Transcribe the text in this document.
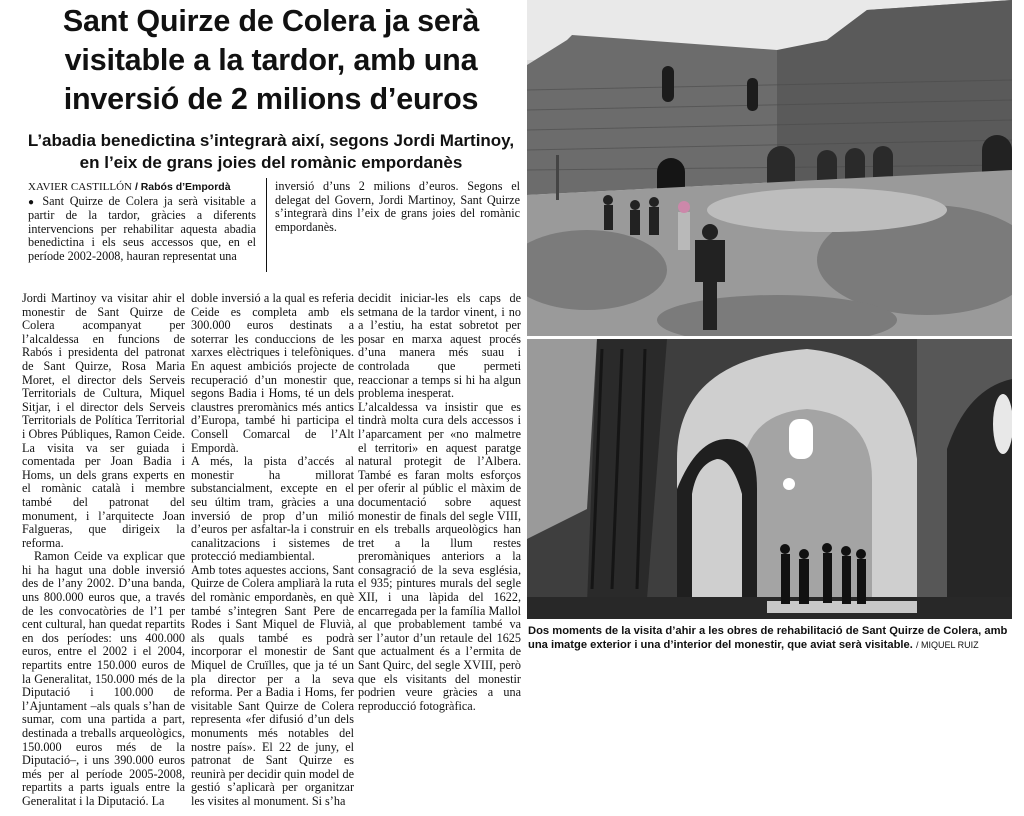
Sant Quirze de Colera ja serà visitable a la tardor, amb una inversió de 2 milions d’euros
L’abadia benedictina s’integrarà així, segons Jordi Martinoy, en l’eix de grans joies del romànic empordanès

XAVIER CASTILLÓN / Rabós d’Empordà

● Sant Quirze de Colera ja serà visitable a partir de la tardor, gràcies a diferents intervencions per rehabilitar aquesta abadia benedictina i els seus accessos que, en el període 2002-2008, hauran representat una

inversió d’uns 2 milions d’euros. Segons el delegat del Govern, Jordi Martinoy, Sant Quirze s’integrarà dins l’eix de grans joies del romànic empordanès.

Jordi Martinoy va visitar ahir el monestir de Sant Quirze de Colera acompanyat per l’alcaldessa en funcions de Rabós i presidenta del patronat de Sant Quirze, Rosa Maria Moret, el director dels Serveis Territorials de Cultura, Miquel Sitjar, i el director dels Serveis Territorials de Política Territorial i Obres Públiques, Ramon Ceide. La visita va ser guiada i comentada per Joan Badia i Homs, un dels grans experts en el romànic català i membre també del patronat del monument, i l’arquitecte Joan Falgueras, que dirigeix la reforma.

Ramon Ceide va explicar que hi ha hagut una doble inversió des de l’any 2002. D’una banda, uns 800.000 euros que, a través de les convocatòries de l’1 per cent cultural, han quedat repartits en dos períodes: uns 400.000 euros, entre el 2002 i el 2004, repartits entre 150.000 euros de la Generalitat, 150.000 més de la Diputació i 100.000 de l’Ajuntament –als quals s’han de sumar, com una partida a part, destinada a treballs arqueològics, 150.000 euros més de la Diputació–, i uns 390.000 euros més per al període 2005-2008, repartits a parts iguals entre la Generalitat i la Diputació. La

doble inversió a la qual es referia Ceide es completa amb els 300.000 euros destinats a soterrar les conduccions de les xarxes elèctriques i telefòniques. En aquest ambiciós projecte de recuperació d’un monestir que, segons Badia i Homs, té un dels claustres preromànics més antics d’Europa, també hi participa el Consell Comarcal de l’Alt Empordà.

A més, la pista d’accés al monestir ha millorat substancialment, excepte en el seu últim tram, gràcies a una inversió de prop d’un milió d’euros per asfaltar-la i construir canalitzacions i sistemes de protecció mediambiental.

Amb totes aquestes accions, Sant Quirze de Colera ampliarà la ruta del romànic empordanès, en què també s’integren Sant Pere de Rodes i Sant Miquel de Fluvià, als quals també es podrà incorporar el monestir de Sant Miquel de Cruïlles, que ja té un pla director per a la seva reforma. Per a Badia i Homs, fer visitable Sant Quirze de Colera representa «fer difusió d’un dels monuments més notables del nostre país». El 22 de juny, el patronat de Sant Quirze es reunirà per decidir quin model de gestió s’aplicarà per organitzar les visites al monument. Si s’ha

decidit iniciar-les els caps de setmana de la tardor vinent, i no a l’estiu, ha estat sobretot per posar en marxa aquest procés d’una manera més suau i controlada que permeti reaccionar a temps si hi ha algun problema inesperat.

L’alcaldessa va insistir que es tindrà molta cura dels accessos i l’aparcament per «no malmetre el territori» en aquest paratge natural protegit de l’Albera. També es faran molts esforços per oferir al públic el màxim de documentació sobre aquest monestir de finals del segle VIII, en els treballs arqueològics han tret a la llum restes preromàniques anteriors a la consagració de la seva església, el 935; pintures murals del segle XII, i una làpida del 1622, encarregada per la família Mallol al que probablement també va ser l’autor d’un retaule del 1625 que actualment és a l’ermita de Sant Quirc, del segle XVIII, però que els visitants del monestir podrien veure gràcies a una reproducció fotogràfica.

Dos moments de la visita d’ahir a les obres de rehabilitació de Sant Quirze de Colera, amb una imatge exterior i una d’interior del monestir, que aviat serà visitable. / MIQUEL RUIZ
